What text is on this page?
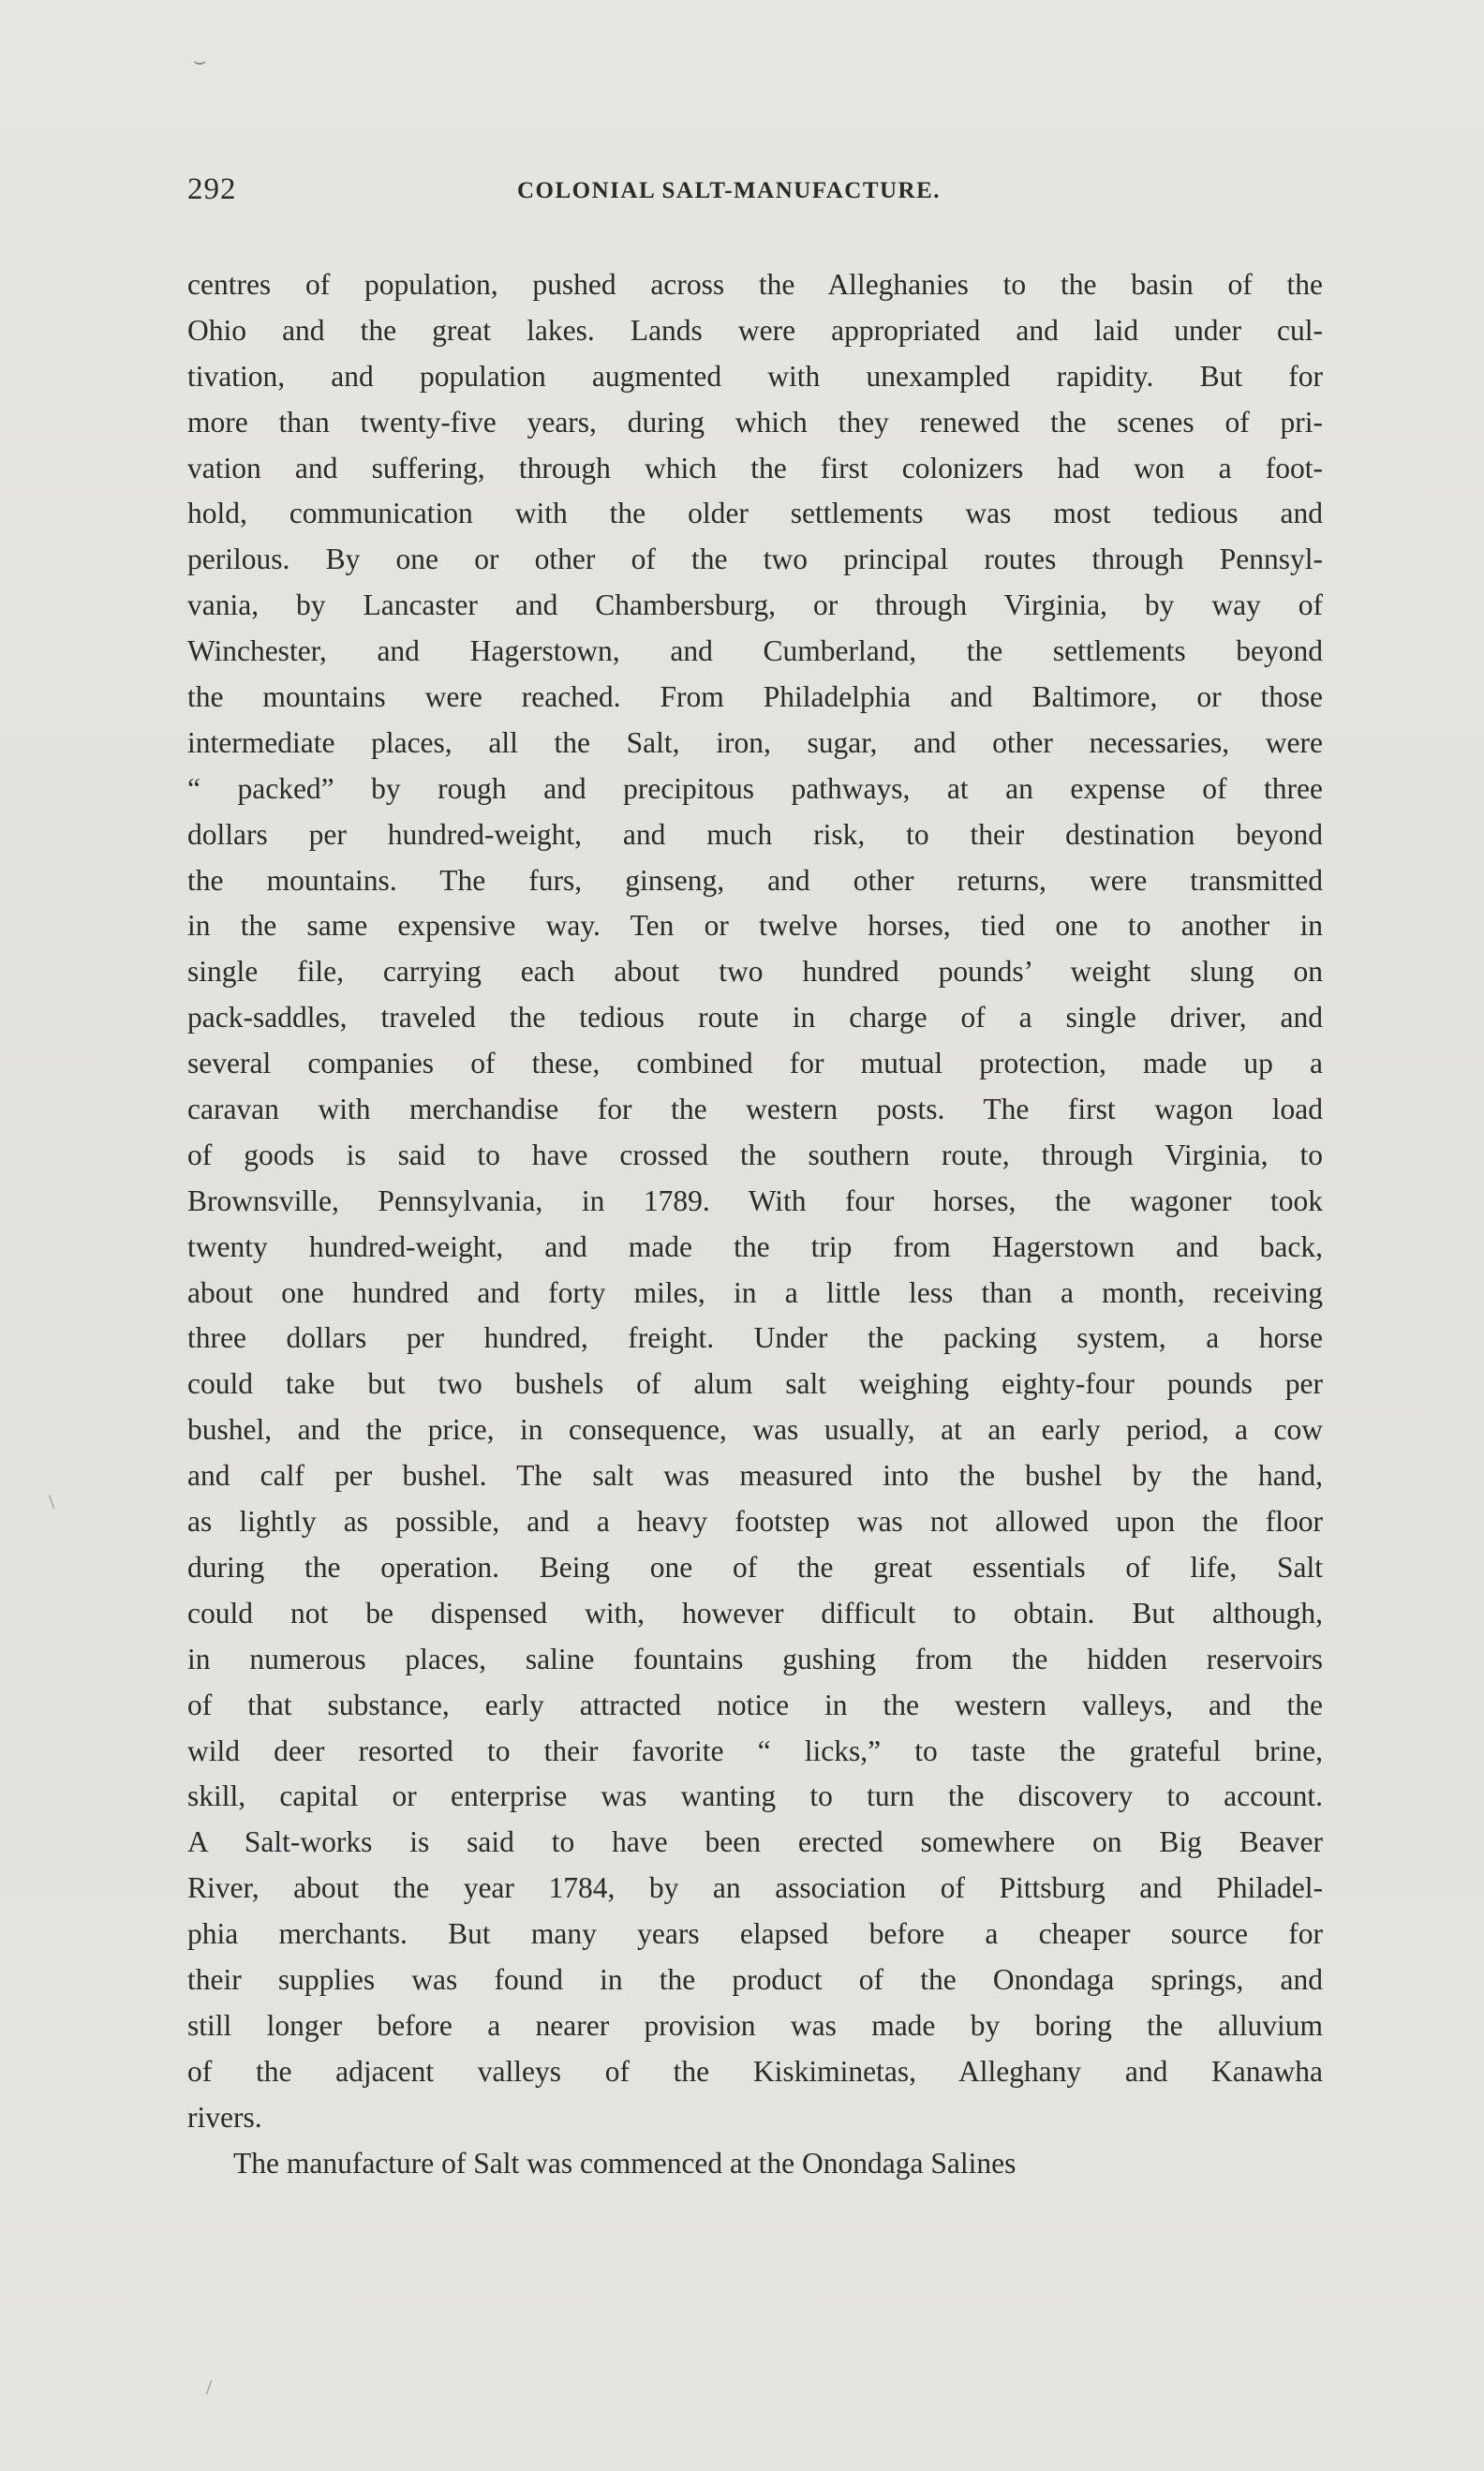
292	COLONIAL SALT-MANUFACTURE.
centres of population, pushed across the Alleghanies to the basin of the
Ohio and the great lakes. Lands were appropriated and laid under cul-
tivation, and population augmented with unexampled rapidity. But for
more than twenty-five years, during which they renewed the scenes of pri-
vation and suffering, through which the first colonizers had won a foot-
hold, communication with the older settlements was most tedious and
perilous. By one or other of the two principal routes through Pennsyl-
vania, by Lancaster and Chambersburg, or through Virginia, by way of
Winchester, and Hagerstown, and Cumberland, the settlements beyond
the mountains were reached. From Philadelphia and Baltimore, or those
intermediate places, all the Salt, iron, sugar, and other necessaries, were
“ packed” by rough and precipitous pathways, at an expense of three
dollars per hundred-weight, and much risk, to their destination beyond
the mountains. The furs, ginseng, and other returns, were transmitted
in the same expensive way. Ten or twelve horses, tied one to another in
single file, carrying each about two hundred pounds’ weight slung on
pack-saddles, traveled the tedious route in charge of a single driver, and
several companies of these, combined for mutual protection, made up a
caravan with merchandise for the western posts. The first wagon load
of goods is said to have crossed the southern route, through Virginia, to
Brownsville, Pennsylvania, in 1789. With four horses, the wagoner took
twenty hundred-weight, and made the trip from Hagerstown and back,
about one hundred and forty miles, in a little less than a month, receiving
three dollars per hundred, freight. Under the packing system, a horse
could take but two bushels of alum salt weighing eighty-four pounds per
bushel, and the price, in consequence, was usually, at an early period, a cow
and calf per bushel. The salt was measured into the bushel by the hand,
as lightly as possible, and a heavy footstep was not allowed upon the floor
during the operation. Being one of the great essentials of life, Salt
could not be dispensed with, however difficult to obtain. But although,
in numerous places, saline fountains gushing from the hidden reservoirs
of that substance, early attracted notice in the western valleys, and the
wild deer resorted to their favorite “ licks,” to taste the grateful brine,
skill, capital or enterprise was wanting to turn the discovery to account.
A Salt-works is said to have been erected somewhere on Big Beaver
River, about the year 1784, by an association of Pittsburg and Philadel-
phia merchants. But many years elapsed before a cheaper source for
their supplies was found in the product of the Onondaga springs, and
still longer before a nearer provision was made by boring the alluvium
of the adjacent valleys of the Kiskiminetas, Alleghany and Kanawha
rivers.
The manufacture of Salt was commenced at the Onondaga Salines
⌣
/
\
